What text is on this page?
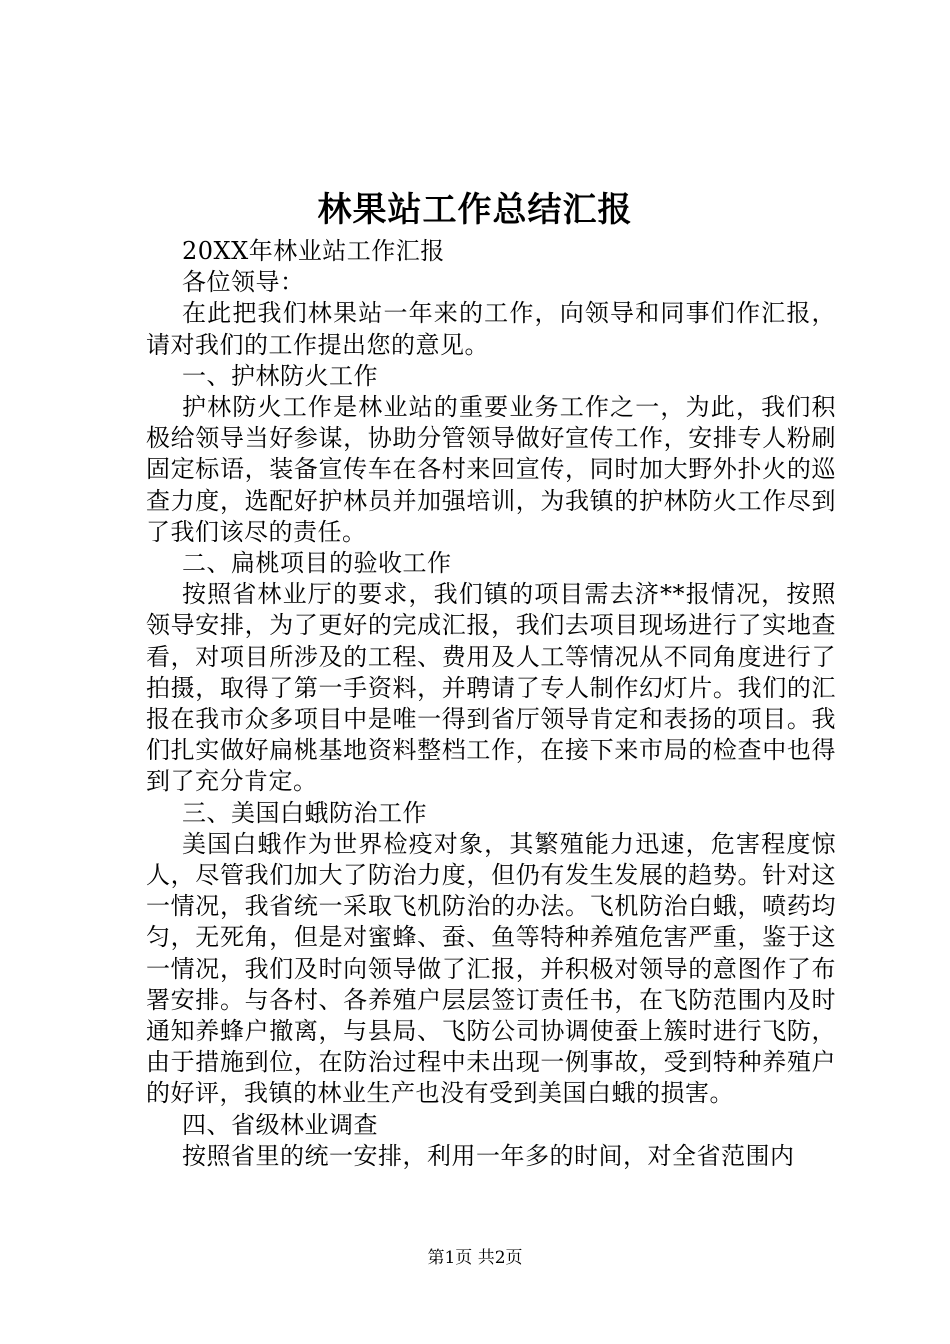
林果站工作总结汇报

20XX年林业站工作汇报

各位领导：

在此把我们林果站一年来的工作，向领导和同事们作汇报，请对我们的工作提出您的意见。

一、护林防火工作

护林防火工作是林业站的重要业务工作之一，为此，我们积极给领导当好参谋，协助分管领导做好宣传工作，安排专人粉刷固定标语，装备宣传车在各村来回宣传，同时加大野外扑火的巡查力度，选配好护林员并加强培训，为我镇的护林防火工作尽到了我们该尽的责任。

二、扁桃项目的验收工作

按照省林业厅的要求，我们镇的项目需去济**报情况，按照领导安排，为了更好的完成汇报，我们去项目现场进行了实地查看，对项目所涉及的工程、费用及人工等情况从不同角度进行了拍摄，取得了第一手资料，并聘请了专人制作幻灯片。我们的汇报在我市众多项目中是唯一得到省厅领导肯定和表扬的项目。我们扎实做好扁桃基地资料整档工作，在接下来市局的检查中也得到了充分肯定。

三、美国白蛾防治工作

美国白蛾作为世界检疫对象，其繁殖能力迅速，危害程度惊人，尽管我们加大了防治力度，但仍有发生发展的趋势。针对这一情况，我省统一采取飞机防治的办法。飞机防治白蛾，喷药均匀，无死角，但是对蜜蜂、蚕、鱼等特种养殖危害严重，鉴于这一情况，我们及时向领导做了汇报，并积极对领导的意图作了布署安排。与各村、各养殖户层层签订责任书，在飞防范围内及时通知养蜂户撤离，与县局、飞防公司协调使蚕上簇时进行飞防，由于措施到位，在防治过程中未出现一例事故，受到特种养殖户的好评，我镇的林业生产也没有受到美国白蛾的损害。

四、省级林业调查

按照省里的统一安排，利用一年多的时间，对全省范围内

第1页 共2页
